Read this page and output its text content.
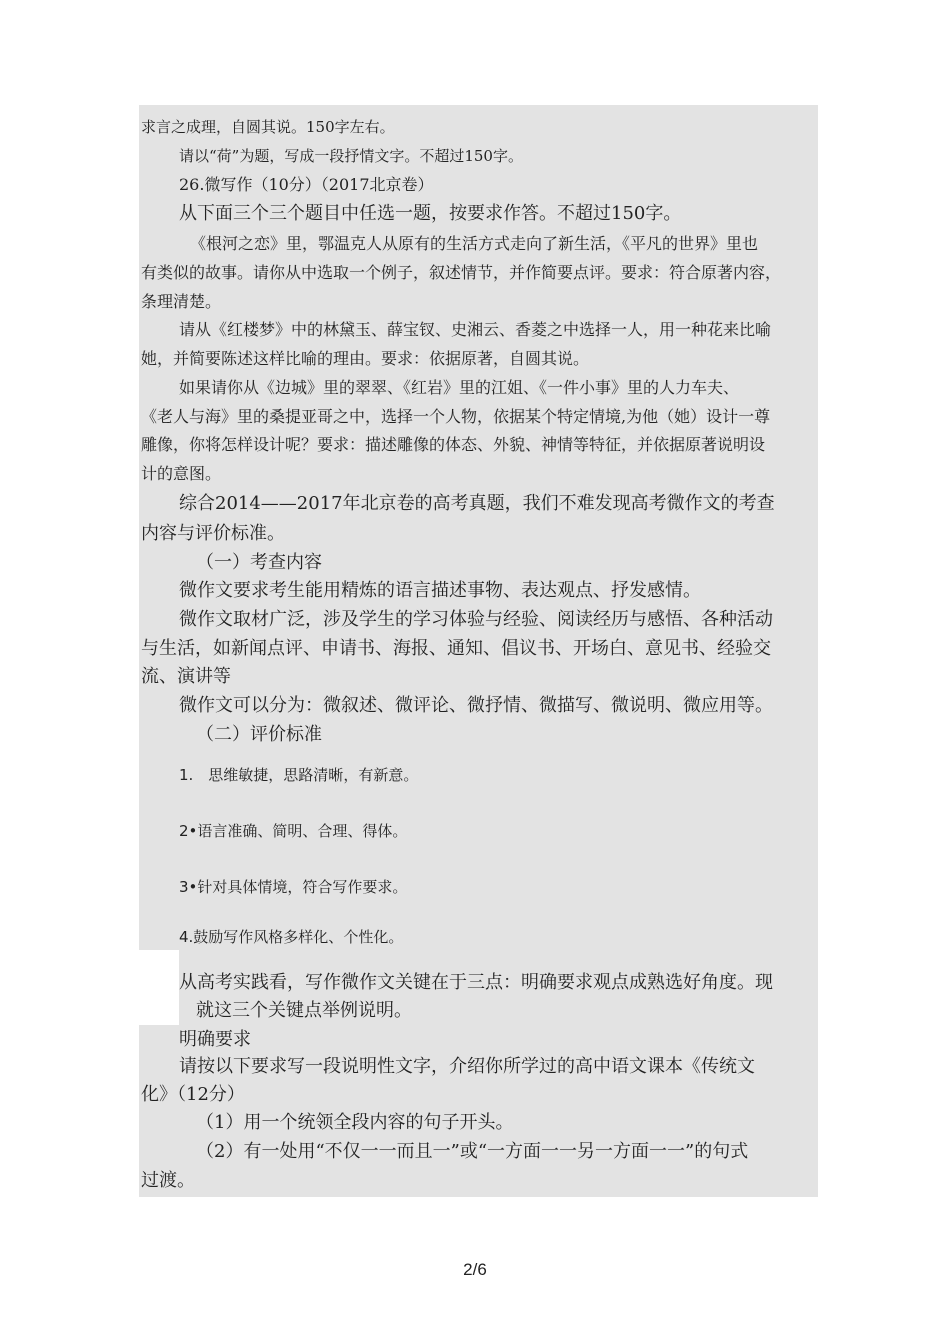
求言之成理，自圆其说。150字左右。
请以“荷”为题，写成一段抒情文字。不超过150字。
26.微写作（10分）（2017北京卷）
从下面三个三个题目中任选一题，按要求作答。不超过150字。
《根河之恋》里，鄂温克人从原有的生活方式走向了新生活，《平凡的世界》里也
有类似的故事。请你从中选取一个例子，叙述情节，并作简要点评。要求：符合原著内容，
条理清楚。
请从《红楼梦》中的林黛玉、薛宝钗、史湘云、香菱之中选择一人，用一种花来比喻
她，并简要陈述这样比喻的理由。要求：依据原著，自圆其说。
如果请你从《边城》里的翠翠、《红岩》里的江姐、《一件小事》里的人力车夫、
《老人与海》里的桑提亚哥之中，选择一个人物，依据某个特定情境,为他（她）设计一尊
雕像，你将怎样设计呢？要求：描述雕像的体态、外貌、神情等特征，并依据原著说明设
计的意图。
综合2014——2017年北京卷的高考真题，我们不难发现高考微作文的考查
内容与评价标准。
（一）考查内容
微作文要求考生能用精炼的语言描述事物、表达观点、抒发感情。
微作文取材广泛，涉及学生的学习体验与经验、阅读经历与感悟、各种活动
与生活，如新闻点评、申请书、海报、通知、倡议书、开场白、意见书、经验交
流、演讲等
微作文可以分为：微叙述、微评论、微抒情、微描写、微说明、微应用等。
（二）评价标准
1.　思维敏捷，思路清晰，有新意。
2•语言准确、简明、合理、得体。
3•针对具体情境，符合写作要求。
4.鼓励写作风格多样化、个性化。
从高考实践看，写作微作文关键在于三点：明确要求观点成熟选好角度。现
就这三个关键点举例说明。
明确要求
请按以下要求写一段说明性文字，介绍你所学过的高中语文课本《传统文
化》（12分）
（1）用一个统领全段内容的句子开头。
（2）有一处用“不仅一一而且一”或“一方面一一另一方面一一”的句式
过渡。
2/6
